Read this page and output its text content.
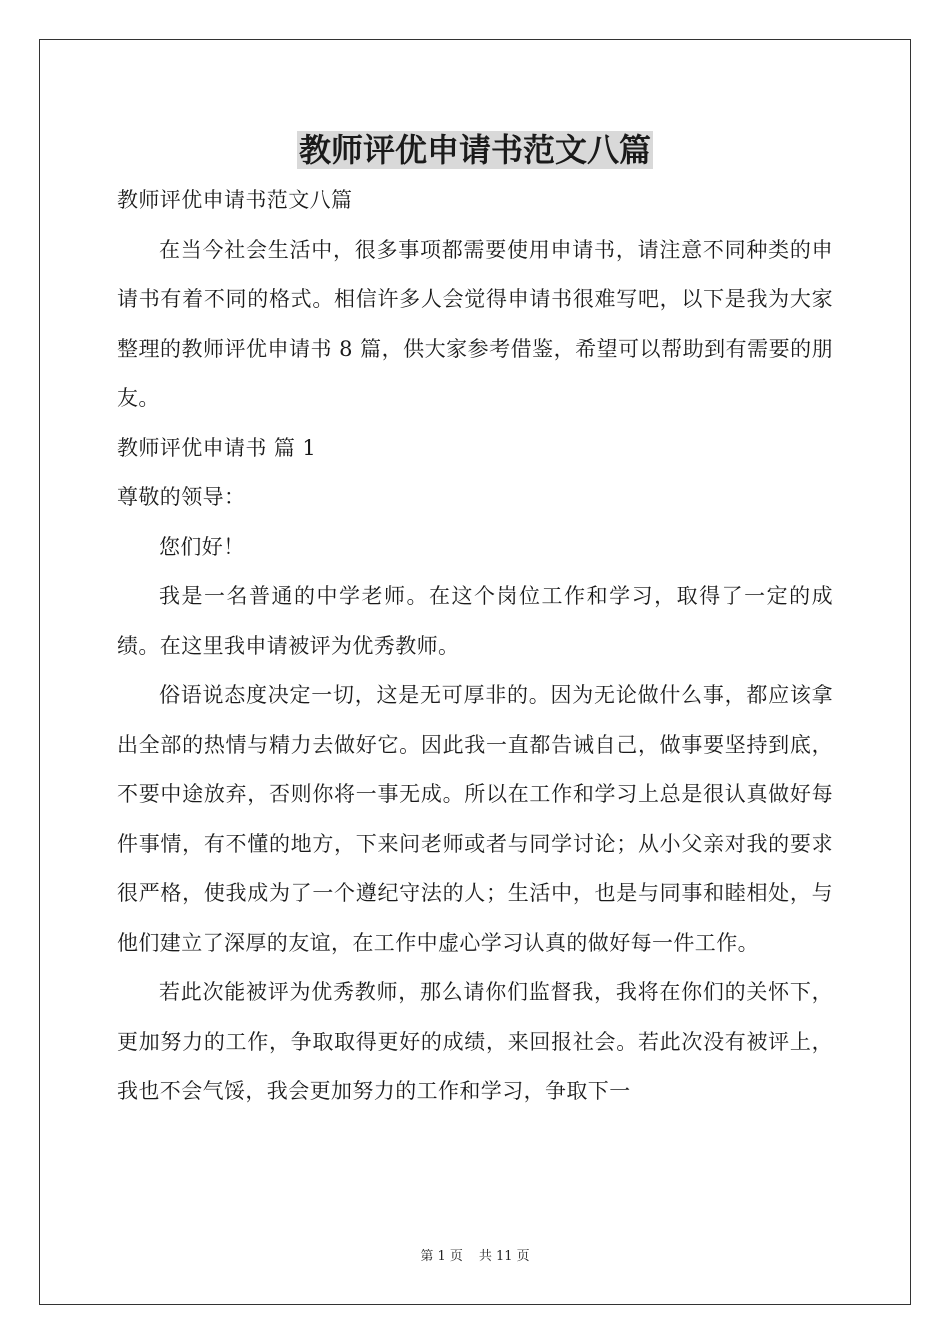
教师评优申请书范文八篇

教师评优申请书范文八篇

在当今社会生活中，很多事项都需要使用申请书，请注意不同种类的申请书有着不同的格式。相信许多人会觉得申请书很难写吧，以下是我为大家整理的教师评优申请书 8 篇，供大家参考借鉴，希望可以帮助到有需要的朋友。

教师评优申请书 篇 1

尊敬的领导：

您们好！

我是一名普通的中学老师。在这个岗位工作和学习，取得了一定的成绩。在这里我申请被评为优秀教师。

俗语说态度决定一切，这是无可厚非的。因为无论做什么事，都应该拿出全部的热情与精力去做好它。因此我一直都告诫自己，做事要坚持到底，不要中途放弃，否则你将一事无成。所以在工作和学习上总是很认真做好每件事情，有不懂的地方，下来问老师或者与同学讨论；从小父亲对我的要求很严格，使我成为了一个遵纪守法的人；生活中，也是与同事和睦相处，与他们建立了深厚的友谊，在工作中虚心学习认真的做好每一件工作。

若此次能被评为优秀教师，那么请你们监督我，我将在你们的关怀下，更加努力的工作，争取取得更好的成绩，来回报社会。若此次没有被评上，我也不会气馁，我会更加努力的工作和学习，争取下一

第 1 页 共 11 页
